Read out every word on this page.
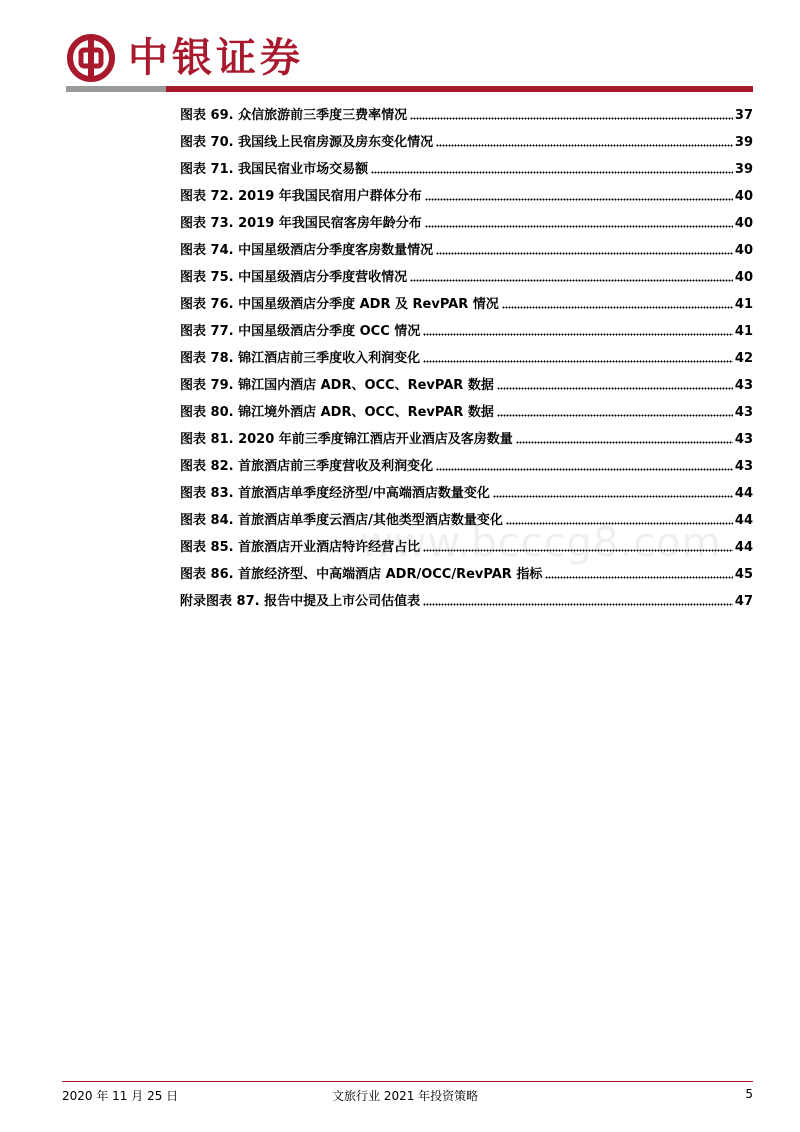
中银证券
图表 69. 众信旅游前三季度三费率情况	37
图表 70. 我国线上民宿房源及房东变化情况	39
图表 71. 我国民宿业市场交易额	39
图表 72. 2019 年我国民宿用户群体分布	40
图表 73. 2019 年我国民宿客房年龄分布	40
图表 74. 中国星级酒店分季度客房数量情况	40
图表 75. 中国星级酒店分季度营收情况	40
图表 76. 中国星级酒店分季度 ADR 及 RevPAR 情况	41
图表 77. 中国星级酒店分季度 OCC 情况	41
图表 78. 锦江酒店前三季度收入利润变化	42
图表 79. 锦江国内酒店 ADR、OCC、RevPAR 数据	43
图表 80. 锦江境外酒店 ADR、OCC、RevPAR 数据	43
图表 81. 2020 年前三季度锦江酒店开业酒店及客房数量	43
图表 82. 首旅酒店前三季度营收及利润变化	43
图表 83. 首旅酒店单季度经济型/中高端酒店数量变化	44
图表 84. 首旅酒店单季度云酒店/其他类型酒店数量变化	44
图表 85. 首旅酒店开业酒店特许经营占比	44
图表 86. 首旅经济型、中高端酒店 ADR/OCC/RevPAR 指标	45
附录图表 87. 报告中提及上市公司估值表	47
www.bcccg8.com
2020 年 11 月 25 日	文旅行业 2021 年投资策略	5
